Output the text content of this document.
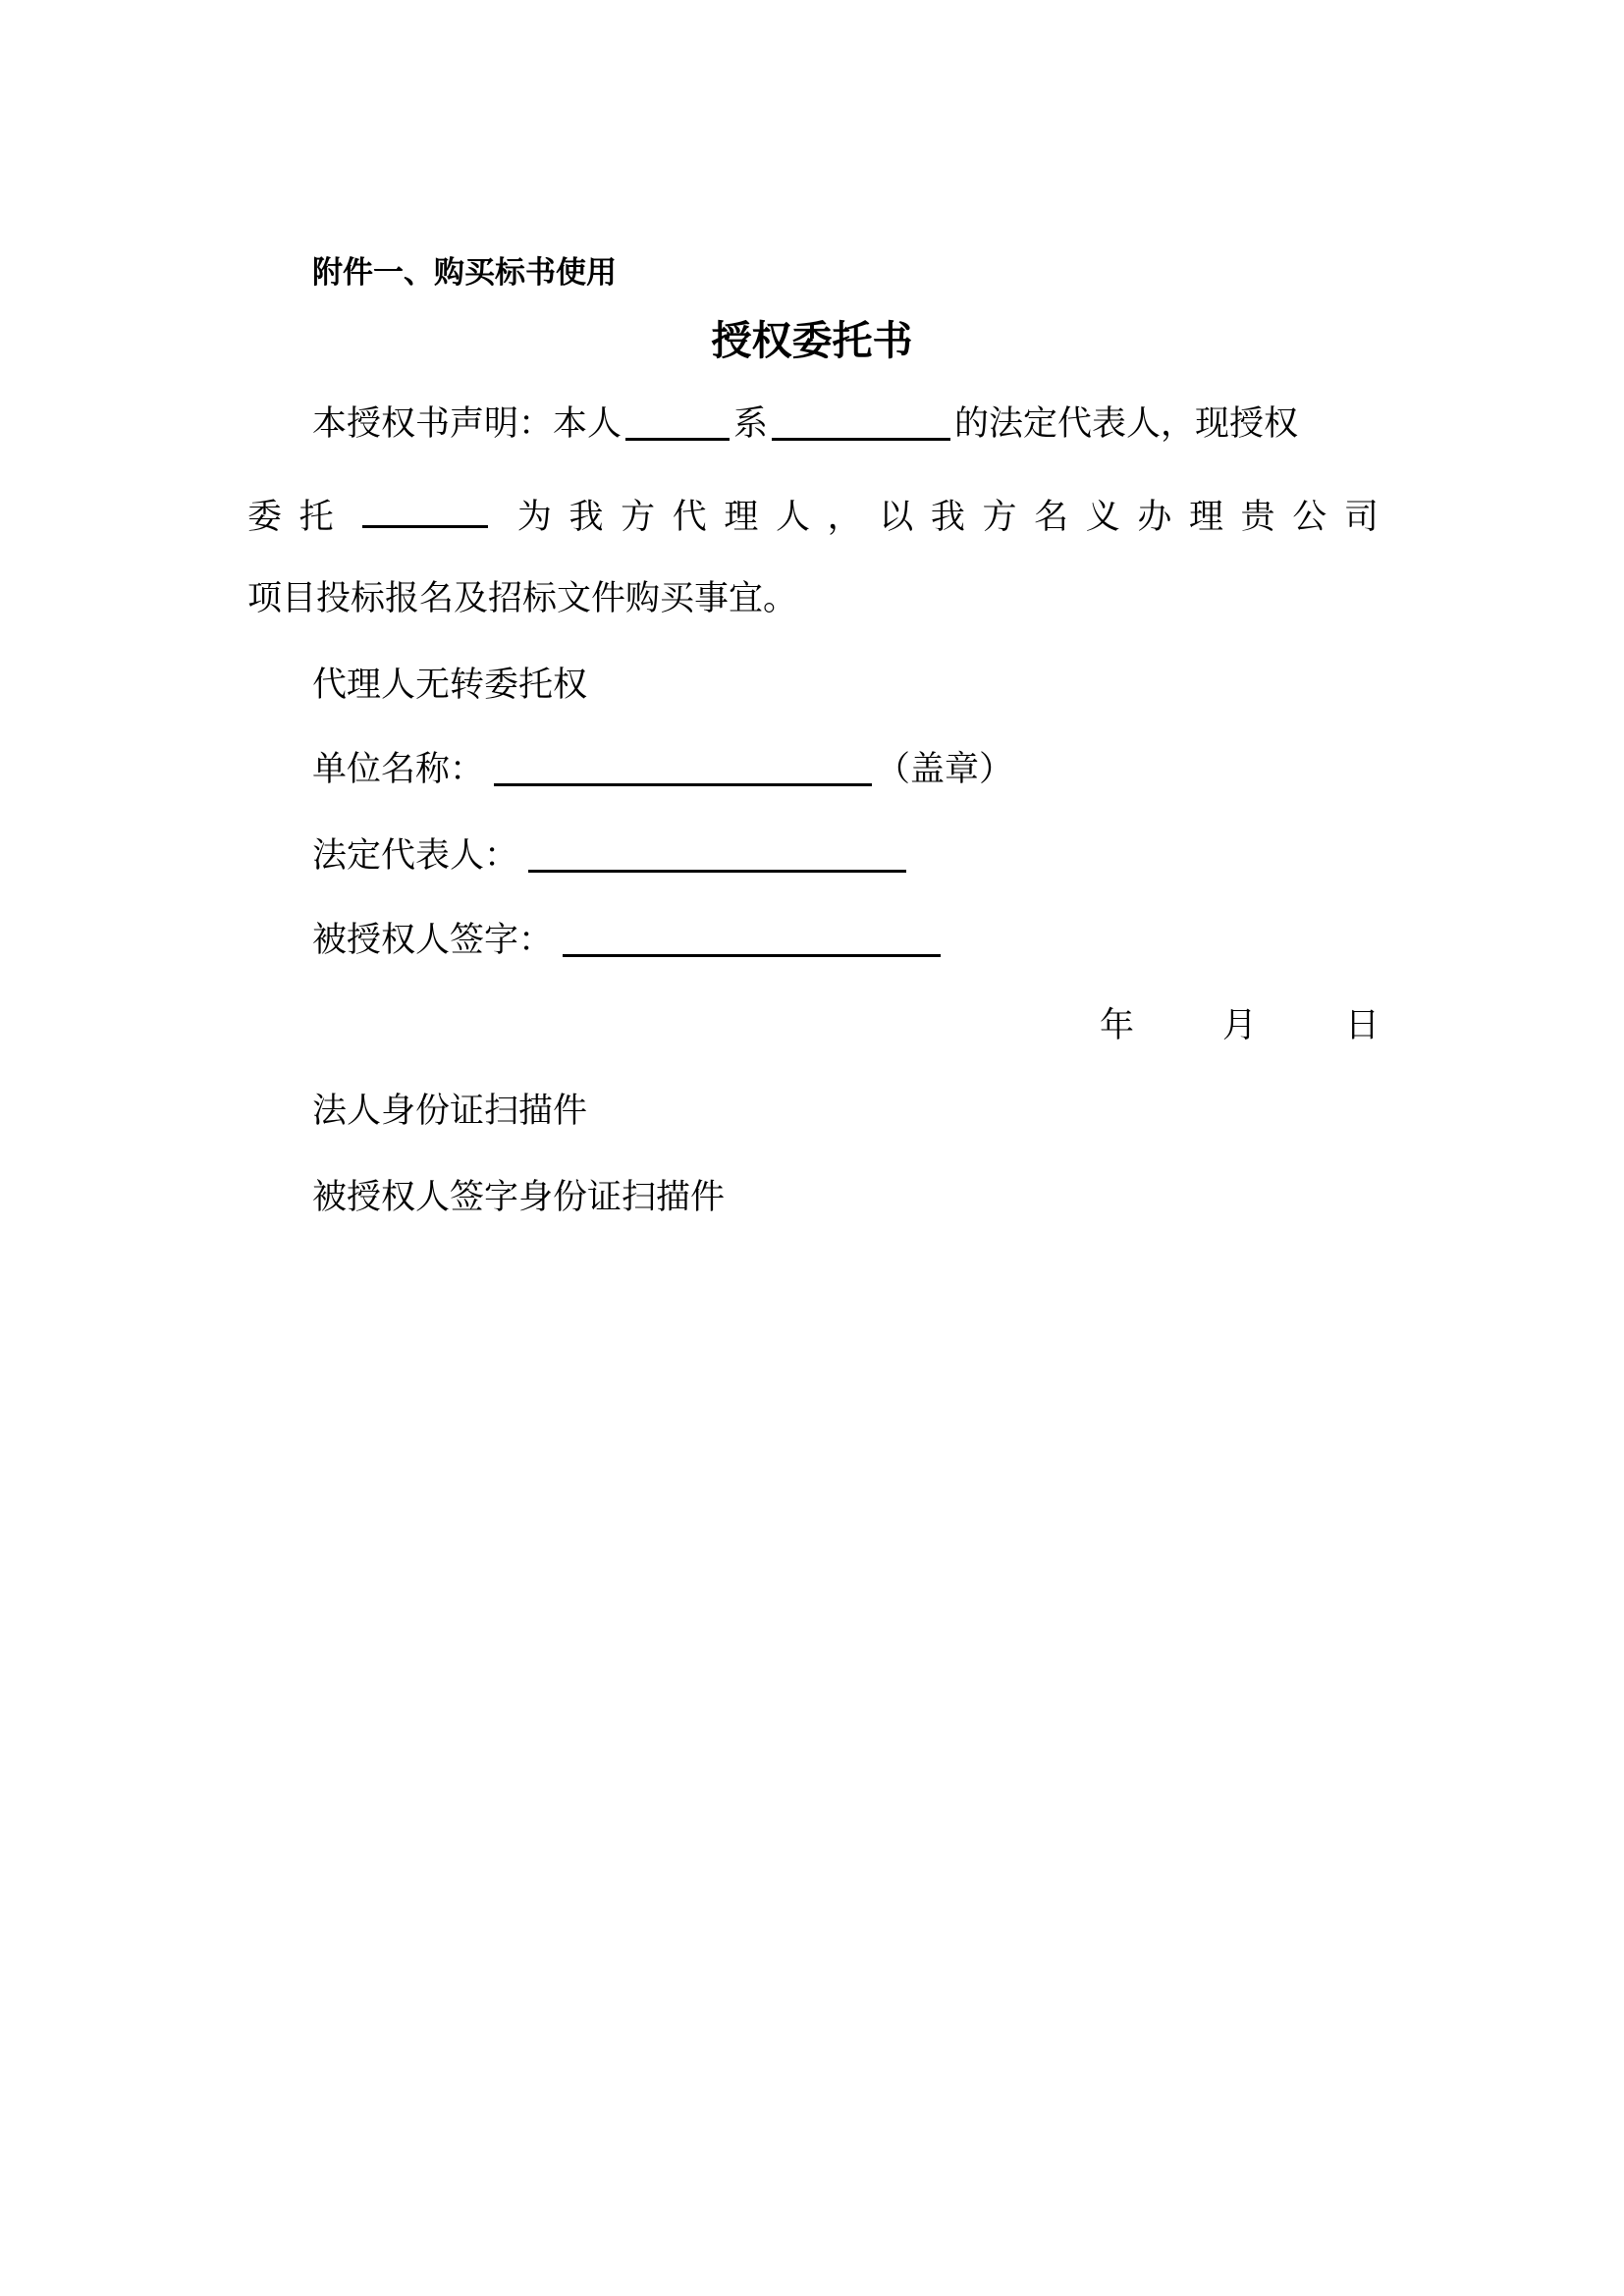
附件一、购买标书使用
授权委托书
本授权书声明：本人	系	的法定代表人，现授权
委 托	为 我 方 代 理 人 ， 以 我 方 名 义 办 理 贵 公 司
项目投标报名及招标文件购买事宜。
代理人无转委托权
单位名称：	（盖章）
法定代表人：
被授权人签字：
年	月	日
法人身份证扫描件
被授权人签字身份证扫描件
